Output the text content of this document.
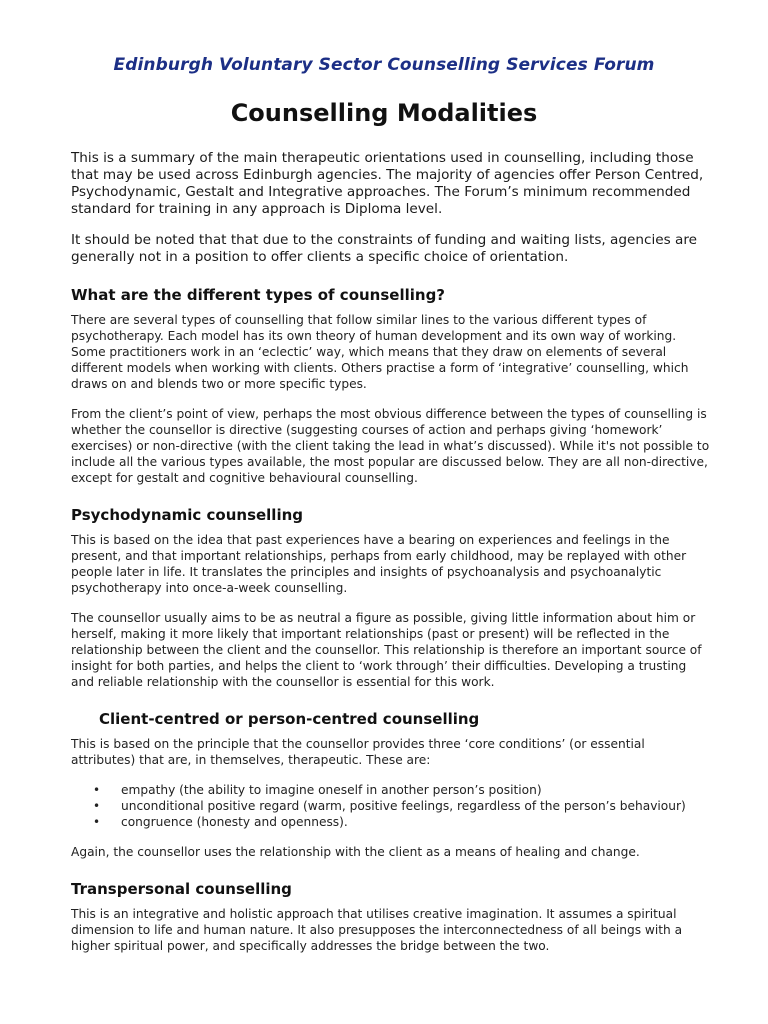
Edinburgh Voluntary Sector Counselling Services Forum
Counselling Modalities

This is a summary of the main therapeutic orientations used in counselling, including those that may be used across Edinburgh agencies. The majority of agencies offer Person Centred, Psychodynamic, Gestalt and Integrative approaches. The Forum’s minimum recommended standard for training in any approach is Diploma level.

It should be noted that that due to the constraints of funding and waiting lists, agencies are generally not in a position to offer clients a specific choice of orientation.

What are the different types of counselling?

There are several types of counselling that follow similar lines to the various different types of psychotherapy. Each model has its own theory of human development and its own way of working. Some practitioners work in an ‘eclectic’ way, which means that they draw on elements of several different models when working with clients. Others practise a form of ‘integrative’ counselling, which draws on and blends two or more specific types.

From the client’s point of view, perhaps the most obvious difference between the types of counselling is whether the counsellor is directive (suggesting courses of action and perhaps giving ‘homework’ exercises) or non-directive (with the client taking the lead in what’s discussed). While it's not possible to include all the various types available, the most popular are discussed below. They are all non-directive, except for gestalt and cognitive behavioural counselling.

Psychodynamic counselling

This is based on the idea that past experiences have a bearing on experiences and feelings in the present, and that important relationships, perhaps from early childhood, may be replayed with other people later in life. It translates the principles and insights of psychoanalysis and psychoanalytic psychotherapy into once-a-week counselling.

The counsellor usually aims to be as neutral a figure as possible, giving little information about him or herself, making it more likely that important relationships (past or present) will be reflected in the relationship between the client and the counsellor. This relationship is therefore an important source of insight for both parties, and helps the client to ‘work through’ their difficulties. Developing a trusting and reliable relationship with the counsellor is essential for this work.

Client-centred or person-centred counselling

This is based on the principle that the counsellor provides three ‘core conditions’ (or essential attributes) that are, in themselves, therapeutic. These are:

• empathy (the ability to imagine oneself in another person’s position)
• unconditional positive regard (warm, positive feelings, regardless of the person’s behaviour)
• congruence (honesty and openness).

Again, the counsellor uses the relationship with the client as a means of healing and change.

Transpersonal counselling

This is an integrative and holistic approach that utilises creative imagination. It assumes a spiritual dimension to life and human nature. It also presupposes the interconnectedness of all beings with a higher spiritual power, and specifically addresses the bridge between the two.
